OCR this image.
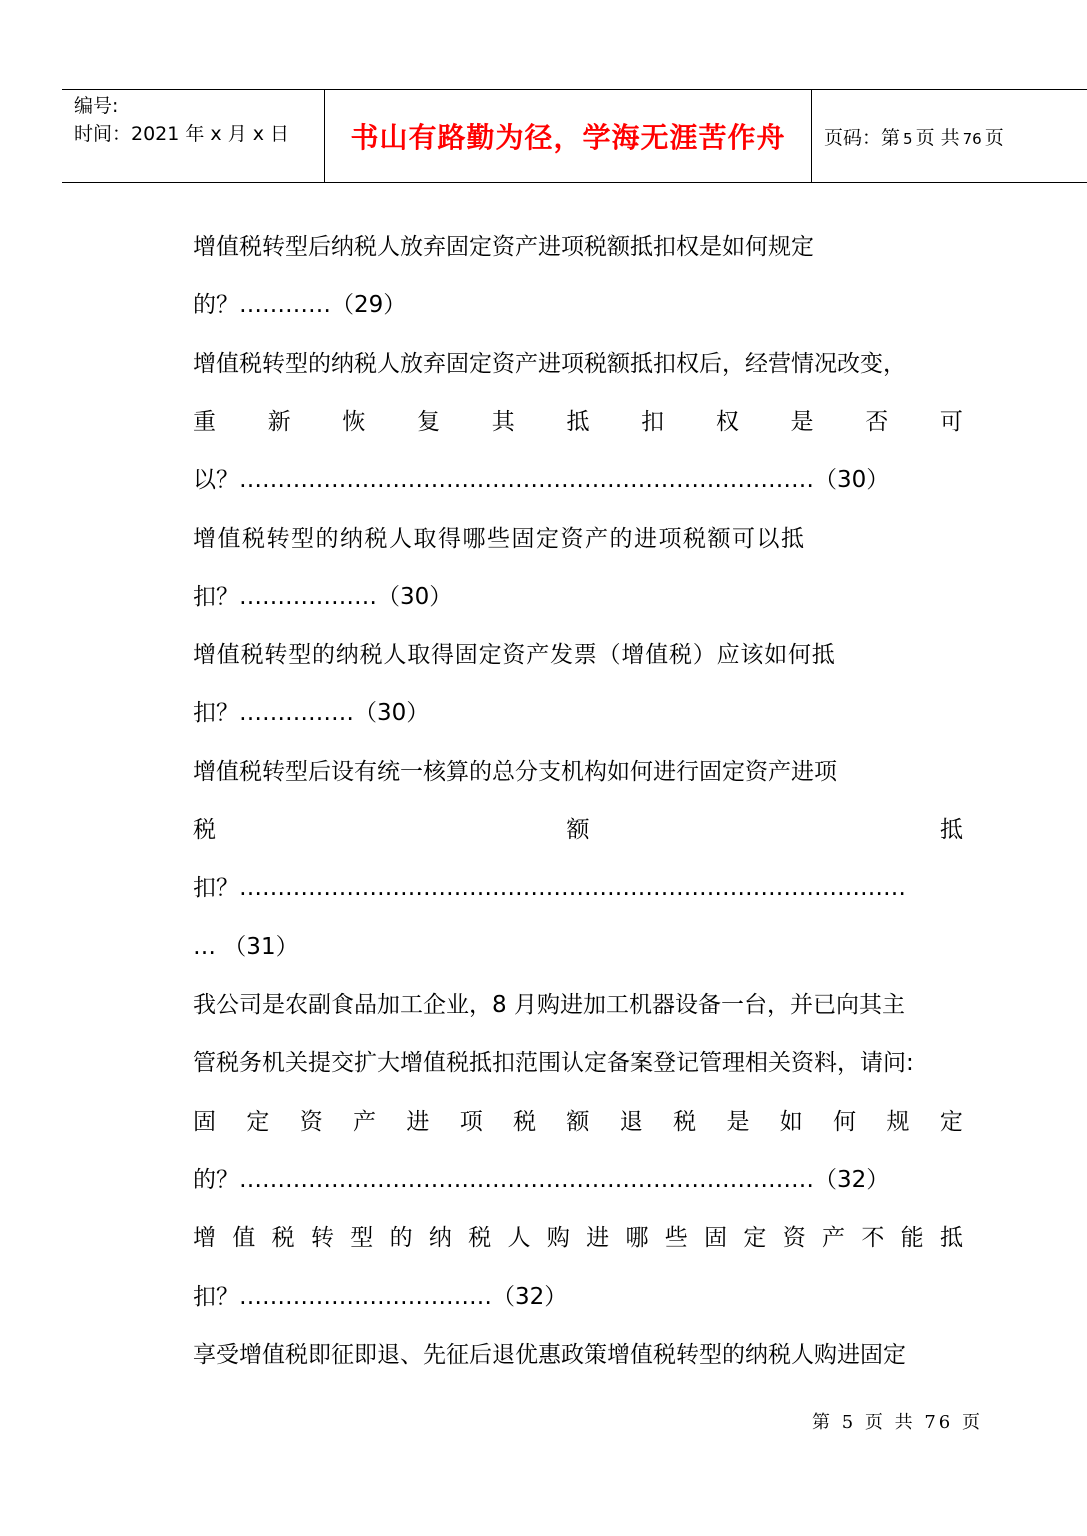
编号:
时间：2021 年 x 月 x 日 书山有路勤为径，学海无涯苦作舟	页码：第 5 页 共 76 页
增值税转型后纳税人放弃固定资产进项税额抵扣权是如何规定
的？…………（29）
增值税转型的纳税人放弃固定资产进项税额抵扣权后，经营情况改变，
重 新 恢 复 其 抵 扣 权 是 否 可
以？…………………………………………………………………（30）
增值税转型的纳税人取得哪些固定资产的进项税额可以抵
扣？………………（30）
增值税转型的纳税人取得固定资产发票（增值税）应该如何抵
扣？……………（30）
增值税转型后设有统一核算的总分支机构如何进行固定资产进项
税	额	抵
扣？……………………………………………………………………………
… （31）
我公司是农副食品加工企业，8 月购进加工机器设备一台，并已向其主
管税务机关提交扩大增值税抵扣范围认定备案登记管理相关资料，请问:
固 定 资 产 进 项 税 额 退 税 是 如 何 规 定
的？…………………………………………………………………（32）
增 值 税 转 型 的 纳 税 人 购 进 哪 些 固 定 资 产 不 能 抵
扣？……………………………（32）
享受增值税即征即退、先征后退优惠政策增值税转型的纳税人购进固定
第 5 页 共 76 页
